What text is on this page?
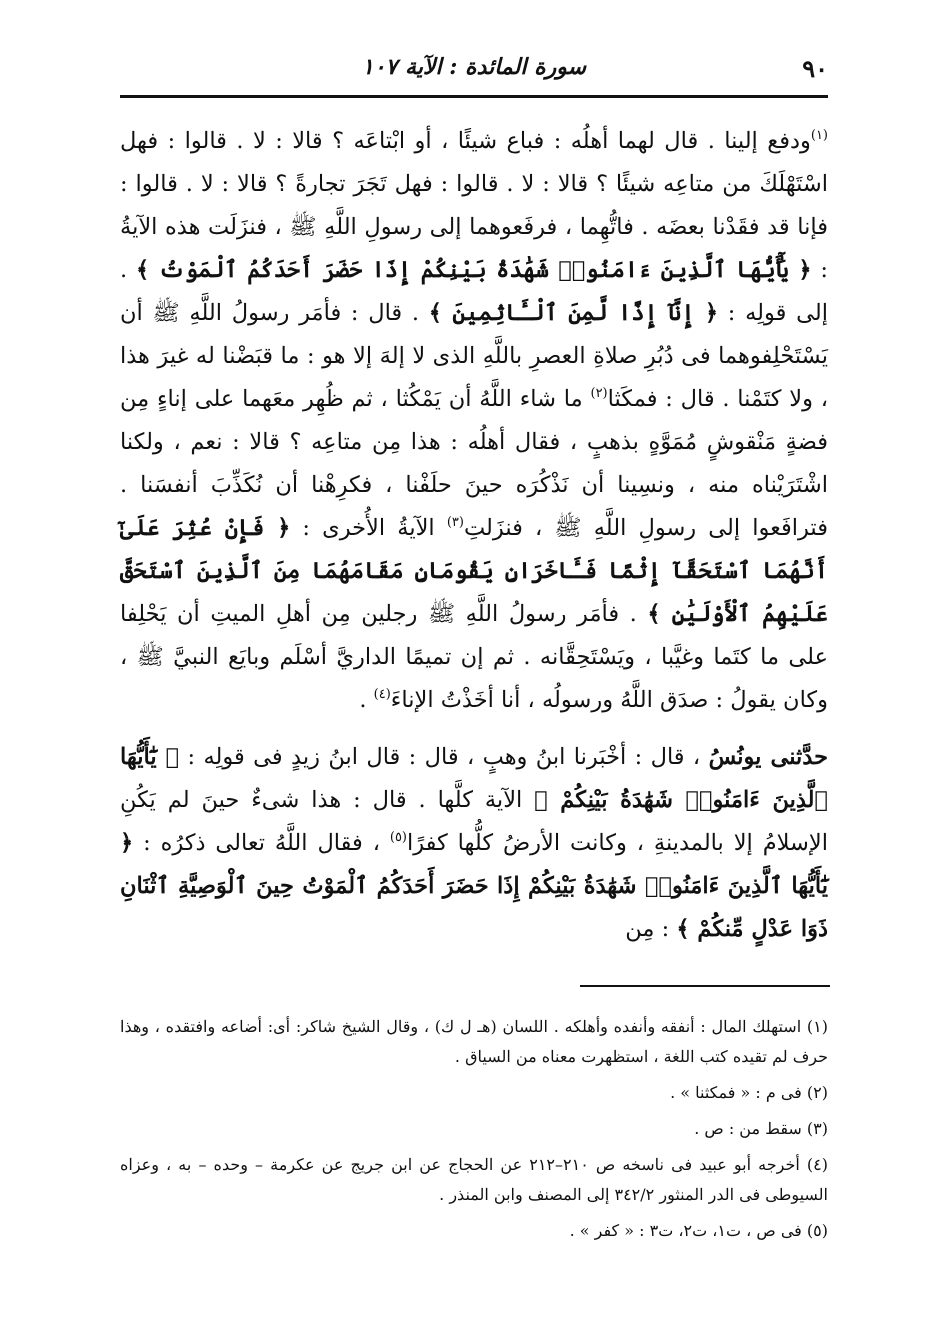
٩٠
سورة المائدة : الآية ١٠٧

$^{(١)}$ودفع إلينا . قال لهما أهلُه : فباع شيئًا ، أو ابْتاعَه ؟ قالا : لا . قالوا : فهل اسْتَهْلَكَ من متاعِه شيئًا ؟ قالا : لا . قالوا : فهل تَجَرَ تجارةً ؟ قالا : لا . قالوا : فإنا قد فقَدْنا بعضَه . فاتُّهِما ، فرفَعوهما إلى رسولِ اللَّهِ ﷺ ، فنزَلَت هذه الآيةُ : ﴿ يَٰٓأَيُّهَا ٱلَّذِينَ ءَامَنُوا۟ شَهَٰدَةُ بَيْنِكُمْ إِذَا حَضَرَ أَحَدَكُمُ ٱلْمَوْتُ ﴾ . إلى قولِه : ﴿ إِنَّآ إِذًا لَّمِنَ ٱلْـَٔاثِمِينَ ﴾ . قال : فأمَر رسولُ اللَّهِ ﷺ أن يَسْتَحْلِفوهما فى دُبُرِ صلاةِ العصرِ باللَّهِ الذى لا إلهَ إلا هو : ما قبَضْنا له غيرَ هذا ، ولا كتَمْنا . قال : فمكَثا$^{(٢)}$ ما شاء اللَّهُ أن يَمْكُثا ، ثم ظُهِر معَهما على إناءٍ مِن فضةٍ مَنْقوشٍ مُمَوَّهٍ بذهبٍ ، فقال أهلُه : هذا مِن متاعِه ؟ قالا : نعم ، ولكنا اشْتَرَيْناه منه ، ونسِينا أن نَذْكُرَه حينَ حلَفْنا ، فكرِهْنا أن نُكَذِّبَ أنفسَنا . فترافَعوا إلى رسولِ اللَّهِ ﷺ ، فنزَلتِ$^{(٣)}$ الآيةُ الأُخرى : ﴿ فَإِنْ عُثِرَ عَلَىٰٓ أَنَّهُمَا ٱسْتَحَقَّآ إِثْمًا فَـَٔاخَرَانِ يَقُومَانِ مَقَامَهُمَا مِنَ ٱلَّذِينَ ٱسْتَحَقَّ عَلَيْهِمُ ٱلْأَوْلَيَٰنِ ﴾ . فأمَر رسولُ اللَّهِ ﷺ رجلين مِن أهلِ الميتِ أن يَحْلِفا على ما كتَما وغيَّبا ، ويَسْتَحِقَّانه . ثم إن تميمًا الداريَّ أسْلَم وبايَع النبيَّ ﷺ ، وكان يقولُ : صدَق اللَّهُ ورسولُه ، أنا أخَذْتُ الإناءَ$^{(٤)}$ .

حدَّثنى يونُسُ ، قال : أخْبَرنا ابنُ وهبٍ ، قال : قال ابنُ زيدٍ فى قولِه : ﴿ يَٰٓأَيُّهَا ٱلَّذِينَ ءَامَنُوا۟ شَهَٰدَةُ بَيْنِكُمْ ﴾ الآية كلَّها . قال : هذا شىءٌ حينَ لم يَكُنِ الإسلامُ إلا بالمدينةِ ، وكانت الأرضُ كلُّها كفرًا$^{(٥)}$ ، فقال اللَّهُ تعالى ذكرُه : ﴿ يَٰٓأَيُّهَا ٱلَّذِينَ ءَامَنُوا۟ شَهَٰدَةُ بَيْنِكُمْ إِذَا حَضَرَ أَحَدَكُمُ ٱلْمَوْتُ حِينَ ٱلْوَصِيَّةِ ٱثْنَانِ ذَوَا عَدْلٍ مِّنكُمْ ﴾ : مِن

(١) استهلك المال : أنفقه وأنفده وأهلكه . اللسان (هـ ل ك) ، وقال الشيخ شاكر: أى: أضاعه وافتقده ، وهذا حرف لم تقيده كتب اللغة ، استظهرت معناه من السياق .

(٢) فى م : « فمكثنا » .

(٣) سقط من : ص .

(٤) أخرجه أبو عبيد فى ناسخه ص ٢١٠–٢١٢ عن الحجاج عن ابن جريج عن عكرمة – وحده – به ، وعزاه السيوطى فى الدر المنثور ٣٤٢/٢ إلى المصنف وابن المنذر .

(٥) فى ص ، ت١، ت٢، ت٣ : « كفر » .
